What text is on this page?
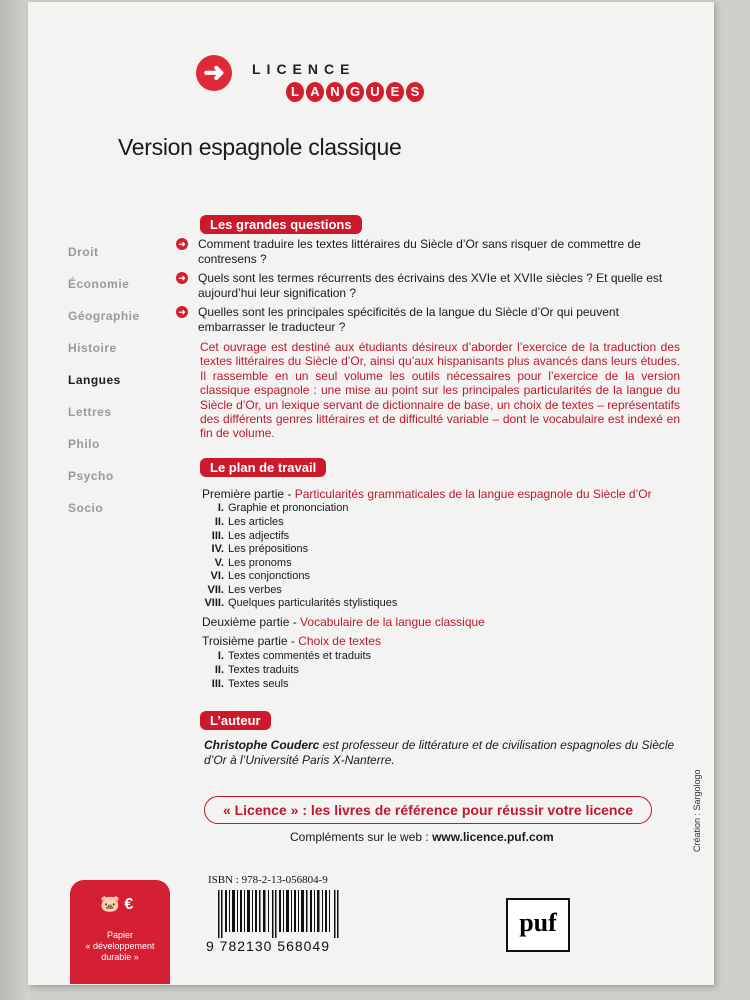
➜	LICENCE
L A N G U E S
Version espagnole classique
Les grandes questions
Droit
Économie
Géographie
Histoire
Langues
Lettres
Philo
Psycho
Socio
➜ Comment traduire les textes littéraires du Siècle d’Or sans risquer de commettre de contresens ?
➜ Quels sont les termes récurrents des écrivains des XVIe et XVIIe siècles ? Et quelle est aujourd’hui leur signification ?
➜ Quelles sont les principales spécificités de la langue du Siècle d’Or qui peuvent embarrasser le traducteur ?
Cet ouvrage est destiné aux étudiants désireux d’aborder l’exercice de la traduction des textes littéraires du Siècle d’Or, ainsi qu’aux hispanisants plus avancés dans leurs études. Il rassemble en un seul volume les outils nécessaires pour l’exercice de la version classique espagnole : une mise au point sur les principales particularités de la langue du Siècle d’Or, un lexique servant de dictionnaire de base, un choix de textes – représentatifs des différents genres littéraires et de difficulté variable – dont le vocabulaire est indexé en fin de volume.
Le plan de travail
Première partie - Particularités grammaticales de la langue espagnole du Siècle d’Or
I. Graphie et prononciation
II. Les articles
III. Les adjectifs
IV. Les prépositions
V. Les pronoms
VI. Les conjonctions
VII. Les verbes
VIII. Quelques particularités stylistiques
Deuxième partie - Vocabulaire de la langue classique
Troisième partie - Choix de textes
I. Textes commentés et traduits
II. Textes traduits
III. Textes seuls
L’auteur
Christophe Couderc est professeur de littérature et de civilisation espagnoles du Siècle d’Or à l’Université Paris X-Nanterre.
« Licence » : les livres de référence pour réussir votre licence
Compléments sur le web : www.licence.puf.com	Création : Sargologo
🐷 €
Papier
« développement
durable »
ISBN : 978-2-13-056804-9
9 782130 568049
puf
